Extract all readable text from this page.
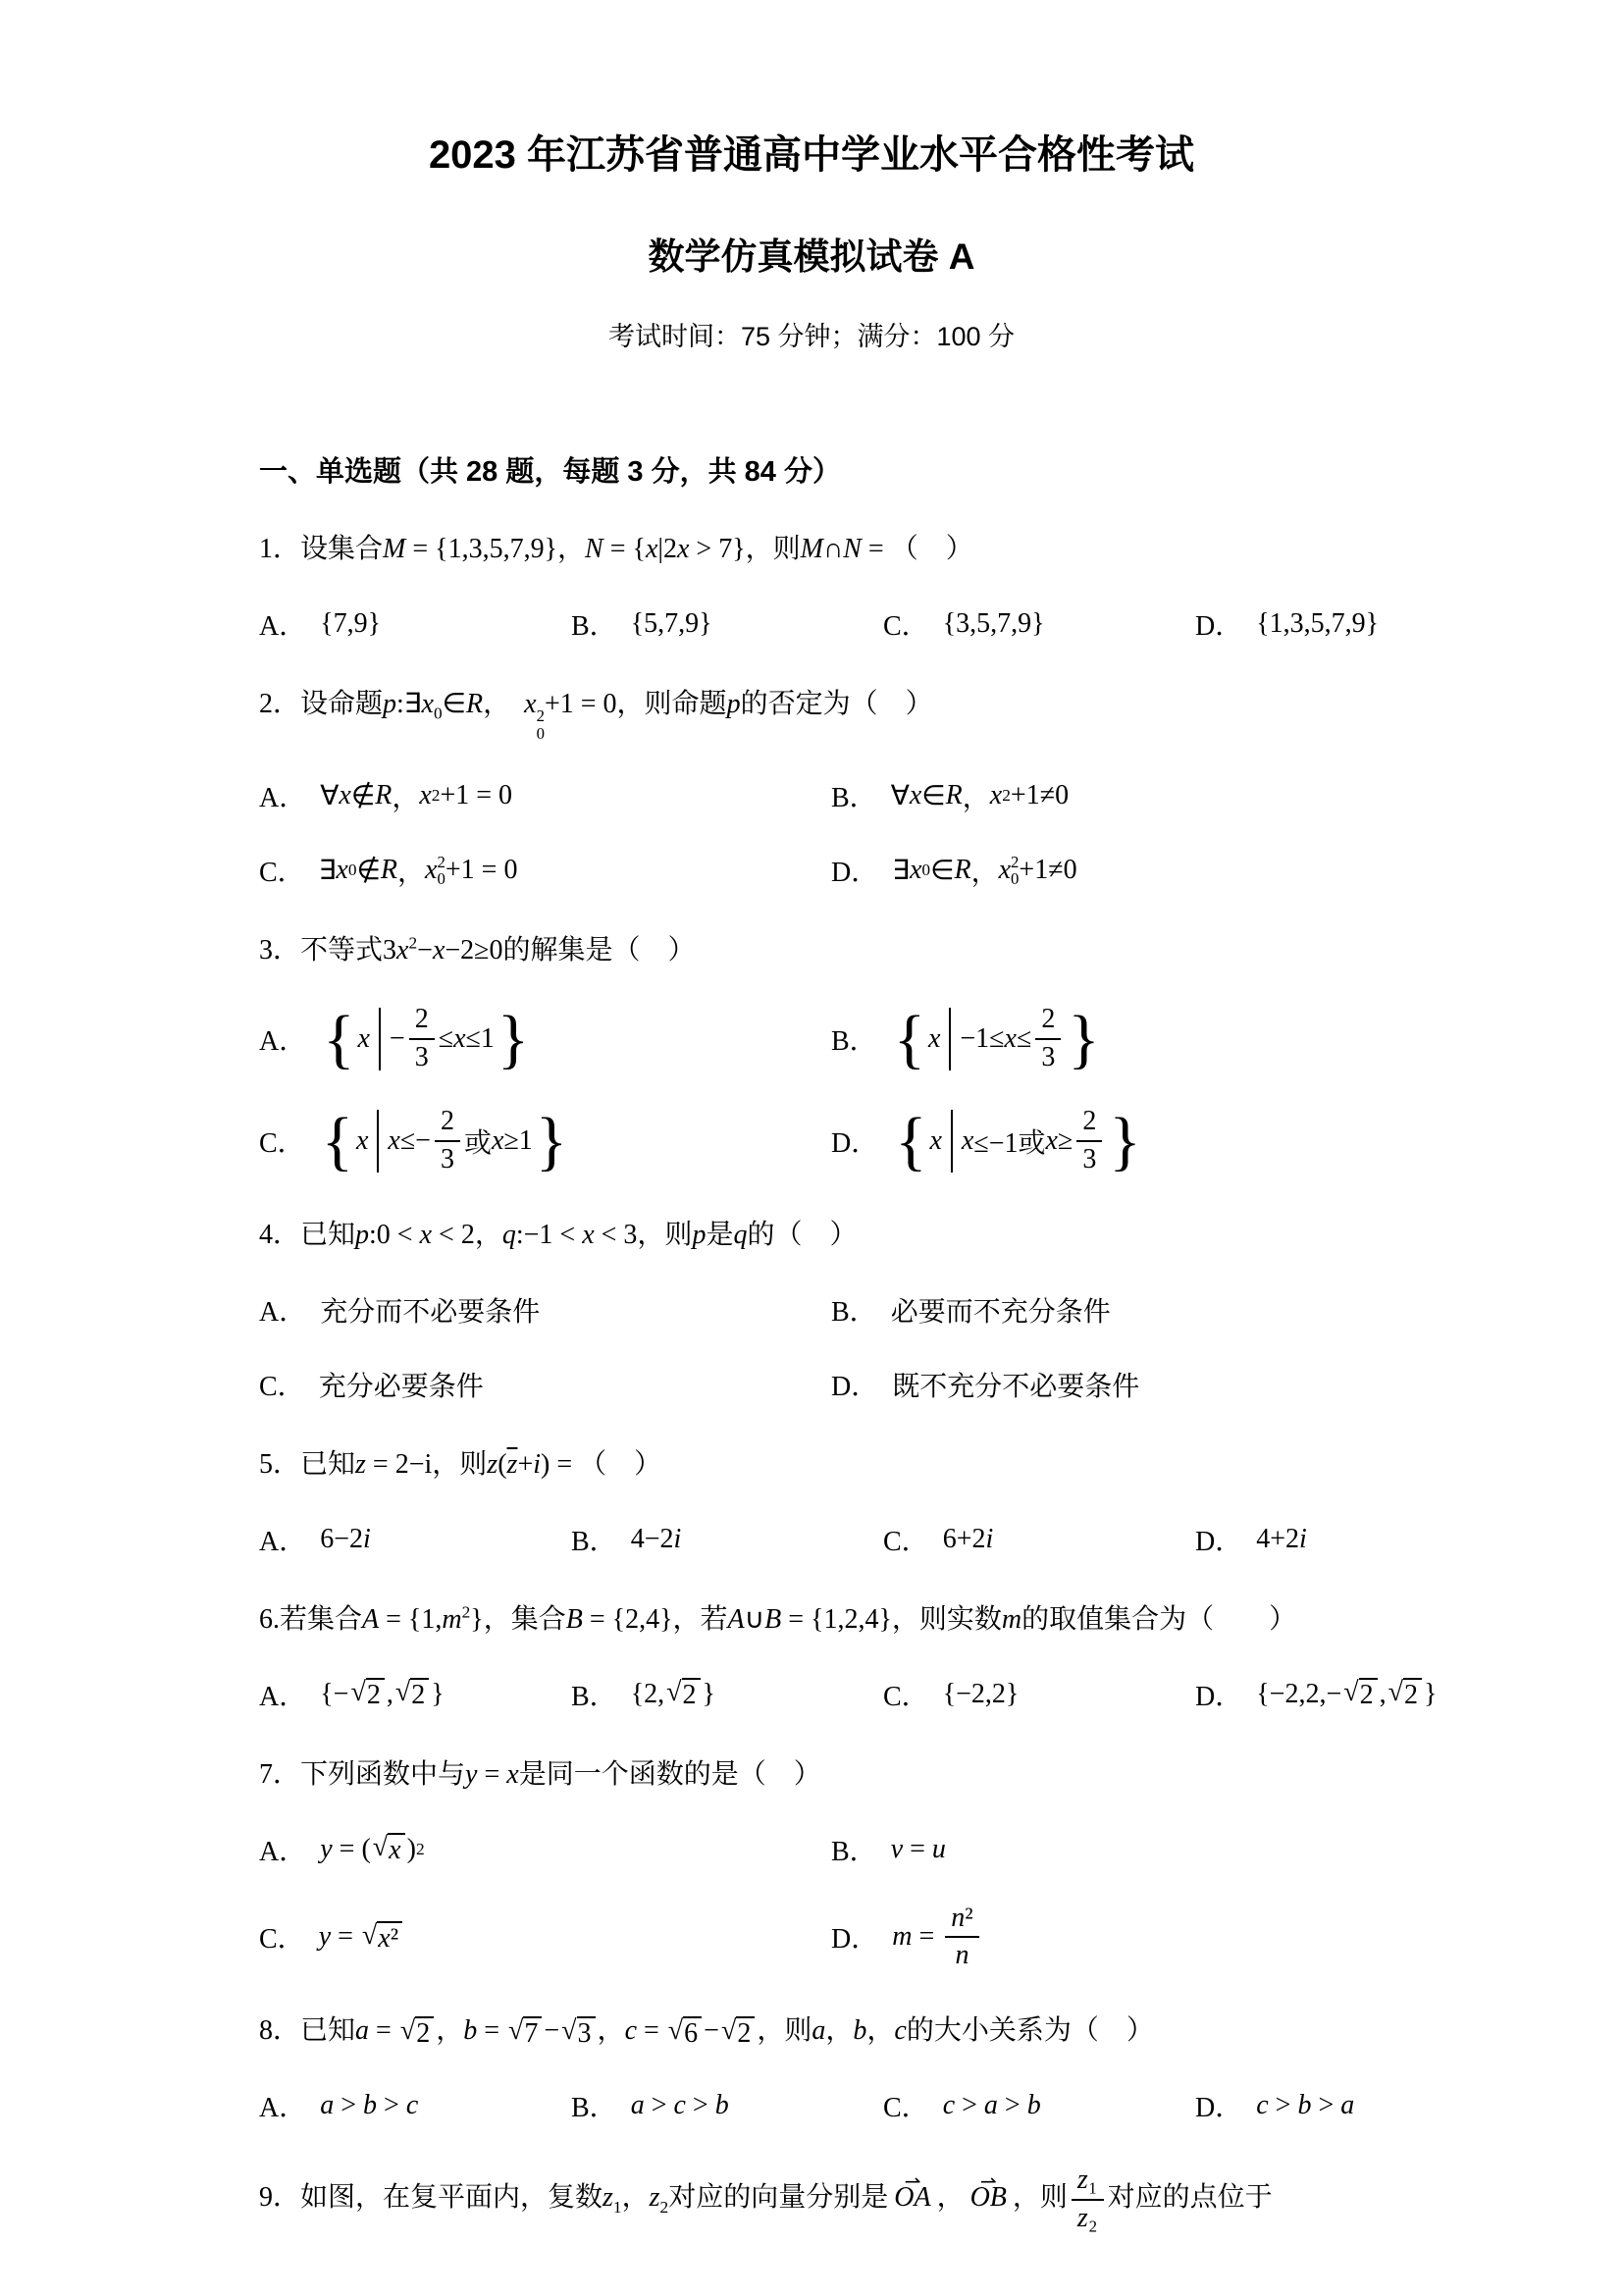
2023 年江苏省普通高中学业水平合格性考试
数学仿真模拟试卷 A

考试时间：75 分钟；满分：100 分

一、单选题（共 28 题，每题 3 分，共 84 分）

1．设集合M = {1,3,5,7,9}，N = {x|2x > 7}，则M∩N = （　）

A． {7,9}	B． {5,7,9}	C． {3,5,7,9}	D． {1,3,5,7,9}

2．设命题$p:\exists x_0\in R$，　x 2
0
+1 = 0，则命题p的否定为（　）

A． ∀ x ∉ R ， x 2 +1 = 0	B． ∀ x ∈ R ， x 2 +1≠0
C． ∃ x 0 ∉ R ， x 2
0 +1 = 0	D． ∃ x 0 ∈ R ， x 2
0 +1≠0

3．不等式$3x^2-x-2\ge 0$的解集是（　）

A． { $x - \frac{2}{3} \le x \le 1$ }	B． { $x -1\le x \le \frac{2}{3}$ }
C． { x $x \le- \frac{2}{3}$ 或 x ≥1 }	D． { x x ≤−1或 $x \ge \frac{2}{3}$ }

4．已知p:0 < x < 2，q:−1 < x < 3，则p是q的（　）

A． 充分而不必要条件	B． 必要而不充分条件
C． 充分必要条件	D． 既不充分不必要条件

5．已知z = 2−i，则$z(\overline{z}+i)$ = （　）

A． 6−2 i	B． 4−2 i	C． 6+2 i	D． 4+2 i

6.若集合$A = \{1,m^2\}$，集合B = {2,4}，若A∪B = {1,2,4}，则实数m的取值集合为（　　）

A． {− √ 2 , √ 2 }	B． {2, √ 2 }	C． {−2,2}	D． {−2,2,− √ 2 , √ 2 }

7．下列函数中与y = x是同一个函数的是（　）

A． y = ( √ x ) 2	B． v = u
C． y = √ x²	D． $m = \frac{\text{n²}}{n}$

8．已知a = √ 2 ，b = √ 7 − √ 3 ，c = √ 6 − √ 2 ，则a，b，c的大小关系为（　）

A． a > b > c	B． a > c > b	C． c > a > b	D． c > b > a

9．如图，在复平面内，复数$z_1$，$z_2$对应的向量分别是 OA ⇀ ， OB ⇀ ，则 $\frac{\text{z₁}}{\text{z₂}}$ 对应的点位于
